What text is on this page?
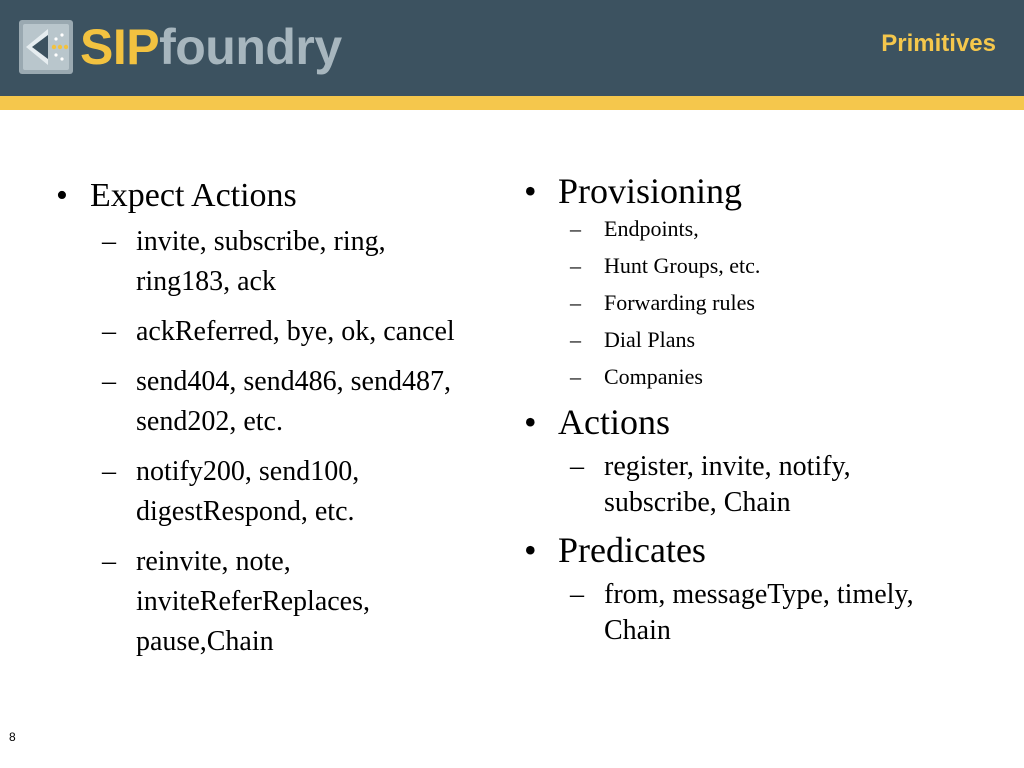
SIPfoundry	Primitives
• Expect Actions
– invite, subscribe, ring, ring183, ack
– ackReferred, bye, ok, cancel
– send404, send486, send487, send202, etc.
– notify200, send100, digestRespond, etc.
– reinvite, note, inviteReferReplaces, pause,Chain
• Provisioning
– Endpoints,
– Hunt Groups, etc.
– Forwarding rules
– Dial Plans
– Companies
• Actions
– register, invite, notify, subscribe, Chain
• Predicates
– from, messageType, timely, Chain
8
